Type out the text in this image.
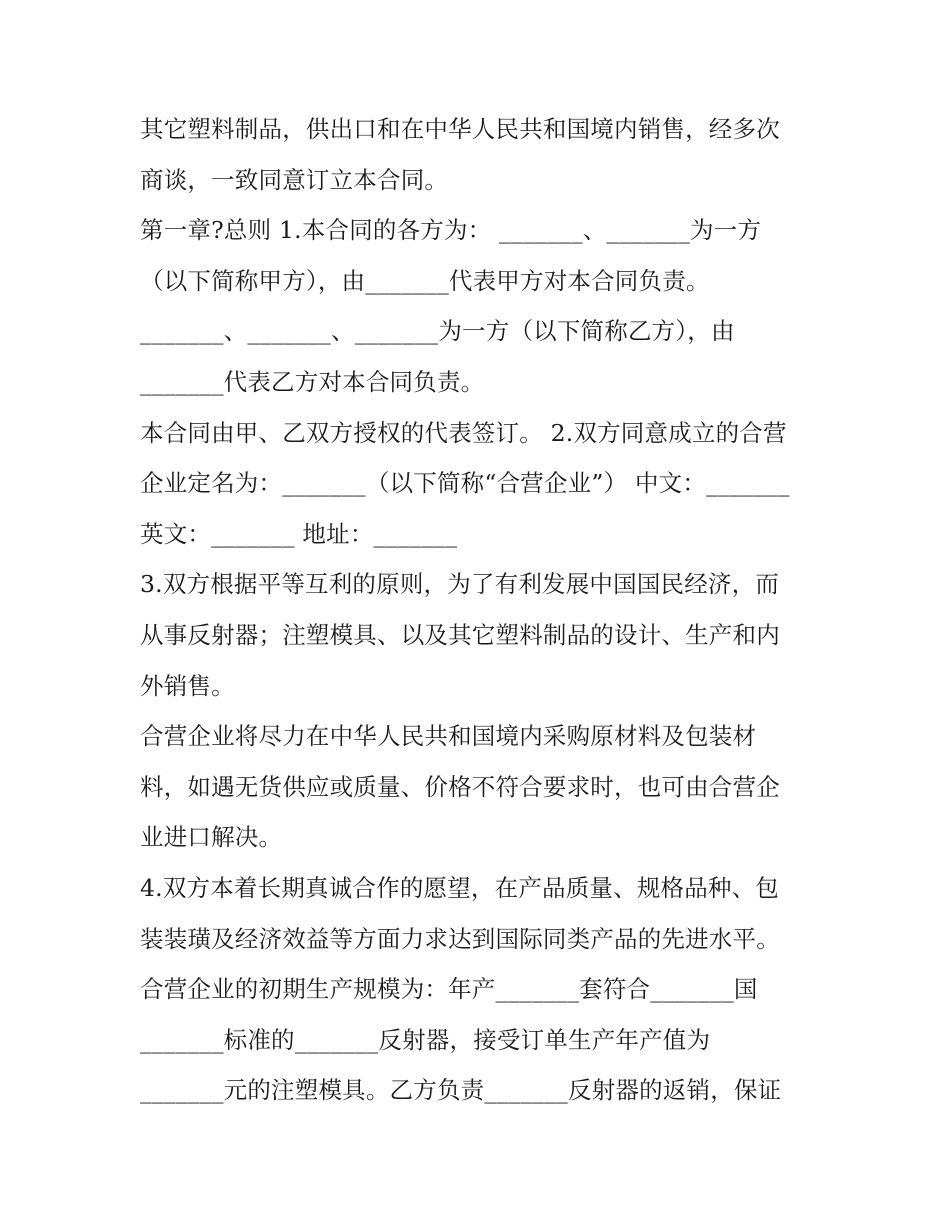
其它塑料制品，供出口和在中华人民共和国境内销售，经多次
商谈，一致同意订立本合同。
第一章?总则 1.本合同的各方为： _______、_______为一方
（以下简称甲方），由_______代表甲方对本合同负责。
_______、_______、_______为一方（以下简称乙方），由
_______代表乙方对本合同负责。
本合同由甲、乙双方授权的代表签订。 2.双方同意成立的合营
企业定名为：_______（以下简称“合营企业”） 中文：_______
英文：_______ 地址：_______
3.双方根据平等互利的原则，为了有利发展中国国民经济，而
从事反射器；注塑模具、以及其它塑料制品的设计、生产和内
外销售。
合营企业将尽力在中华人民共和国境内采购原材料及包装材
料，如遇无货供应或质量、价格不符合要求时，也可由合营企
业进口解决。
4.双方本着长期真诚合作的愿望，在产品质量、规格品种、包
装装璜及经济效益等方面力求达到国际同类产品的先进水平。
合营企业的初期生产规模为：年产_______套符合_______国
_______标准的_______反射器，接受订单生产年产值为
_______元的注塑模具。乙方负责_______反射器的返销，保证
